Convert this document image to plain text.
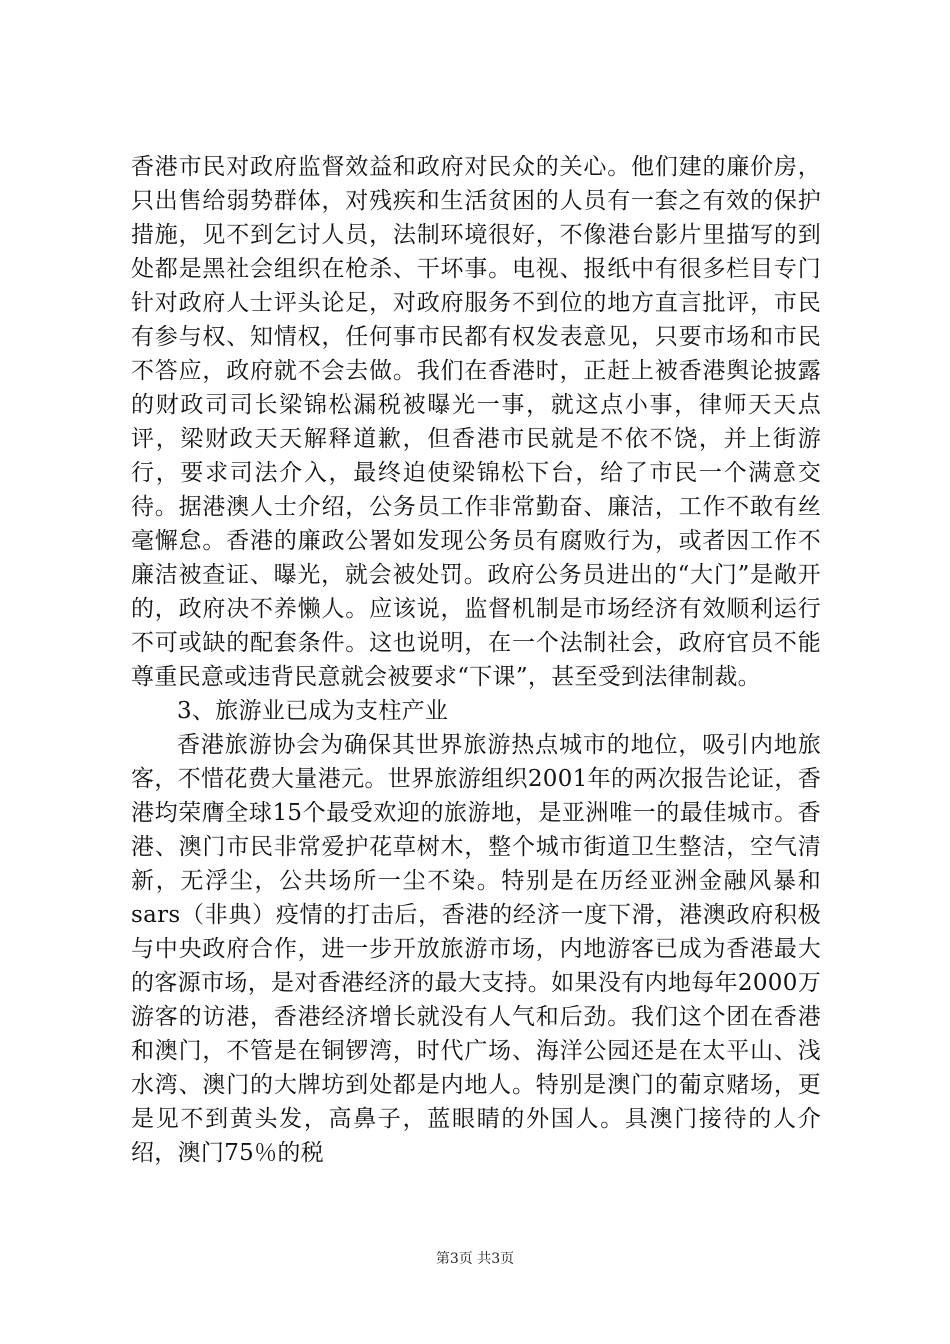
香港市民对政府监督效益和政府对民众的关心。他们建的廉价房，只出售给弱势群体，对残疾和生活贫困的人员有一套之有效的保护措施，见不到乞讨人员，法制环境很好，不像港台影片里描写的到处都是黑社会组织在枪杀、干坏事。电视、报纸中有很多栏目专门针对政府人士评头论足，对政府服务不到位的地方直言批评，市民有参与权、知情权，任何事市民都有权发表意见，只要市场和市民不答应，政府就不会去做。我们在香港时，正赶上被香港舆论披露的财政司司长梁锦松漏税被曝光一事，就这点小事，律师天天点评，梁财政天天解释道歉，但香港市民就是不依不饶，并上街游行，要求司法介入，最终迫使梁锦松下台，给了市民一个满意交待。据港澳人士介绍，公务员工作非常勤奋、廉洁，工作不敢有丝毫懈怠。香港的廉政公署如发现公务员有腐败行为，或者因工作不廉洁被查证、曝光，就会被处罚。政府公务员进出的“大门”是敞开的，政府决不养懒人。应该说，监督机制是市场经济有效顺利运行不可或缺的配套条件。这也说明，在一个法制社会，政府官员不能尊重民意或违背民意就会被要求“下课”，甚至受到法律制裁。

3、旅游业已成为支柱产业

香港旅游协会为确保其世界旅游热点城市的地位，吸引内地旅客，不惜花费大量港元。世界旅游组织2001年的两次报告论证，香港均荣膺全球15个最受欢迎的旅游地，是亚洲唯一的最佳城市。香港、澳门市民非常爱护花草树木，整个城市街道卫生整洁，空气清新，无浮尘，公共场所一尘不染。特别是在历经亚洲金融风暴和sars（非典）疫情的打击后，香港的经济一度下滑，港澳政府积极与中央政府合作，进一步开放旅游市场，内地游客已成为香港最大的客源市场，是对香港经济的最大支持。如果没有内地每年2000万游客的访港，香港经济增长就没有人气和后劲。我们这个团在香港和澳门，不管是在铜锣湾，时代广场、海洋公园还是在太平山、浅水湾、澳门的大牌坊到处都是内地人。特别是澳门的葡京赌场，更是见不到黄头发，高鼻子，蓝眼睛的外国人。具澳门接待的人介绍，澳门75％的税

第3页 共3页
